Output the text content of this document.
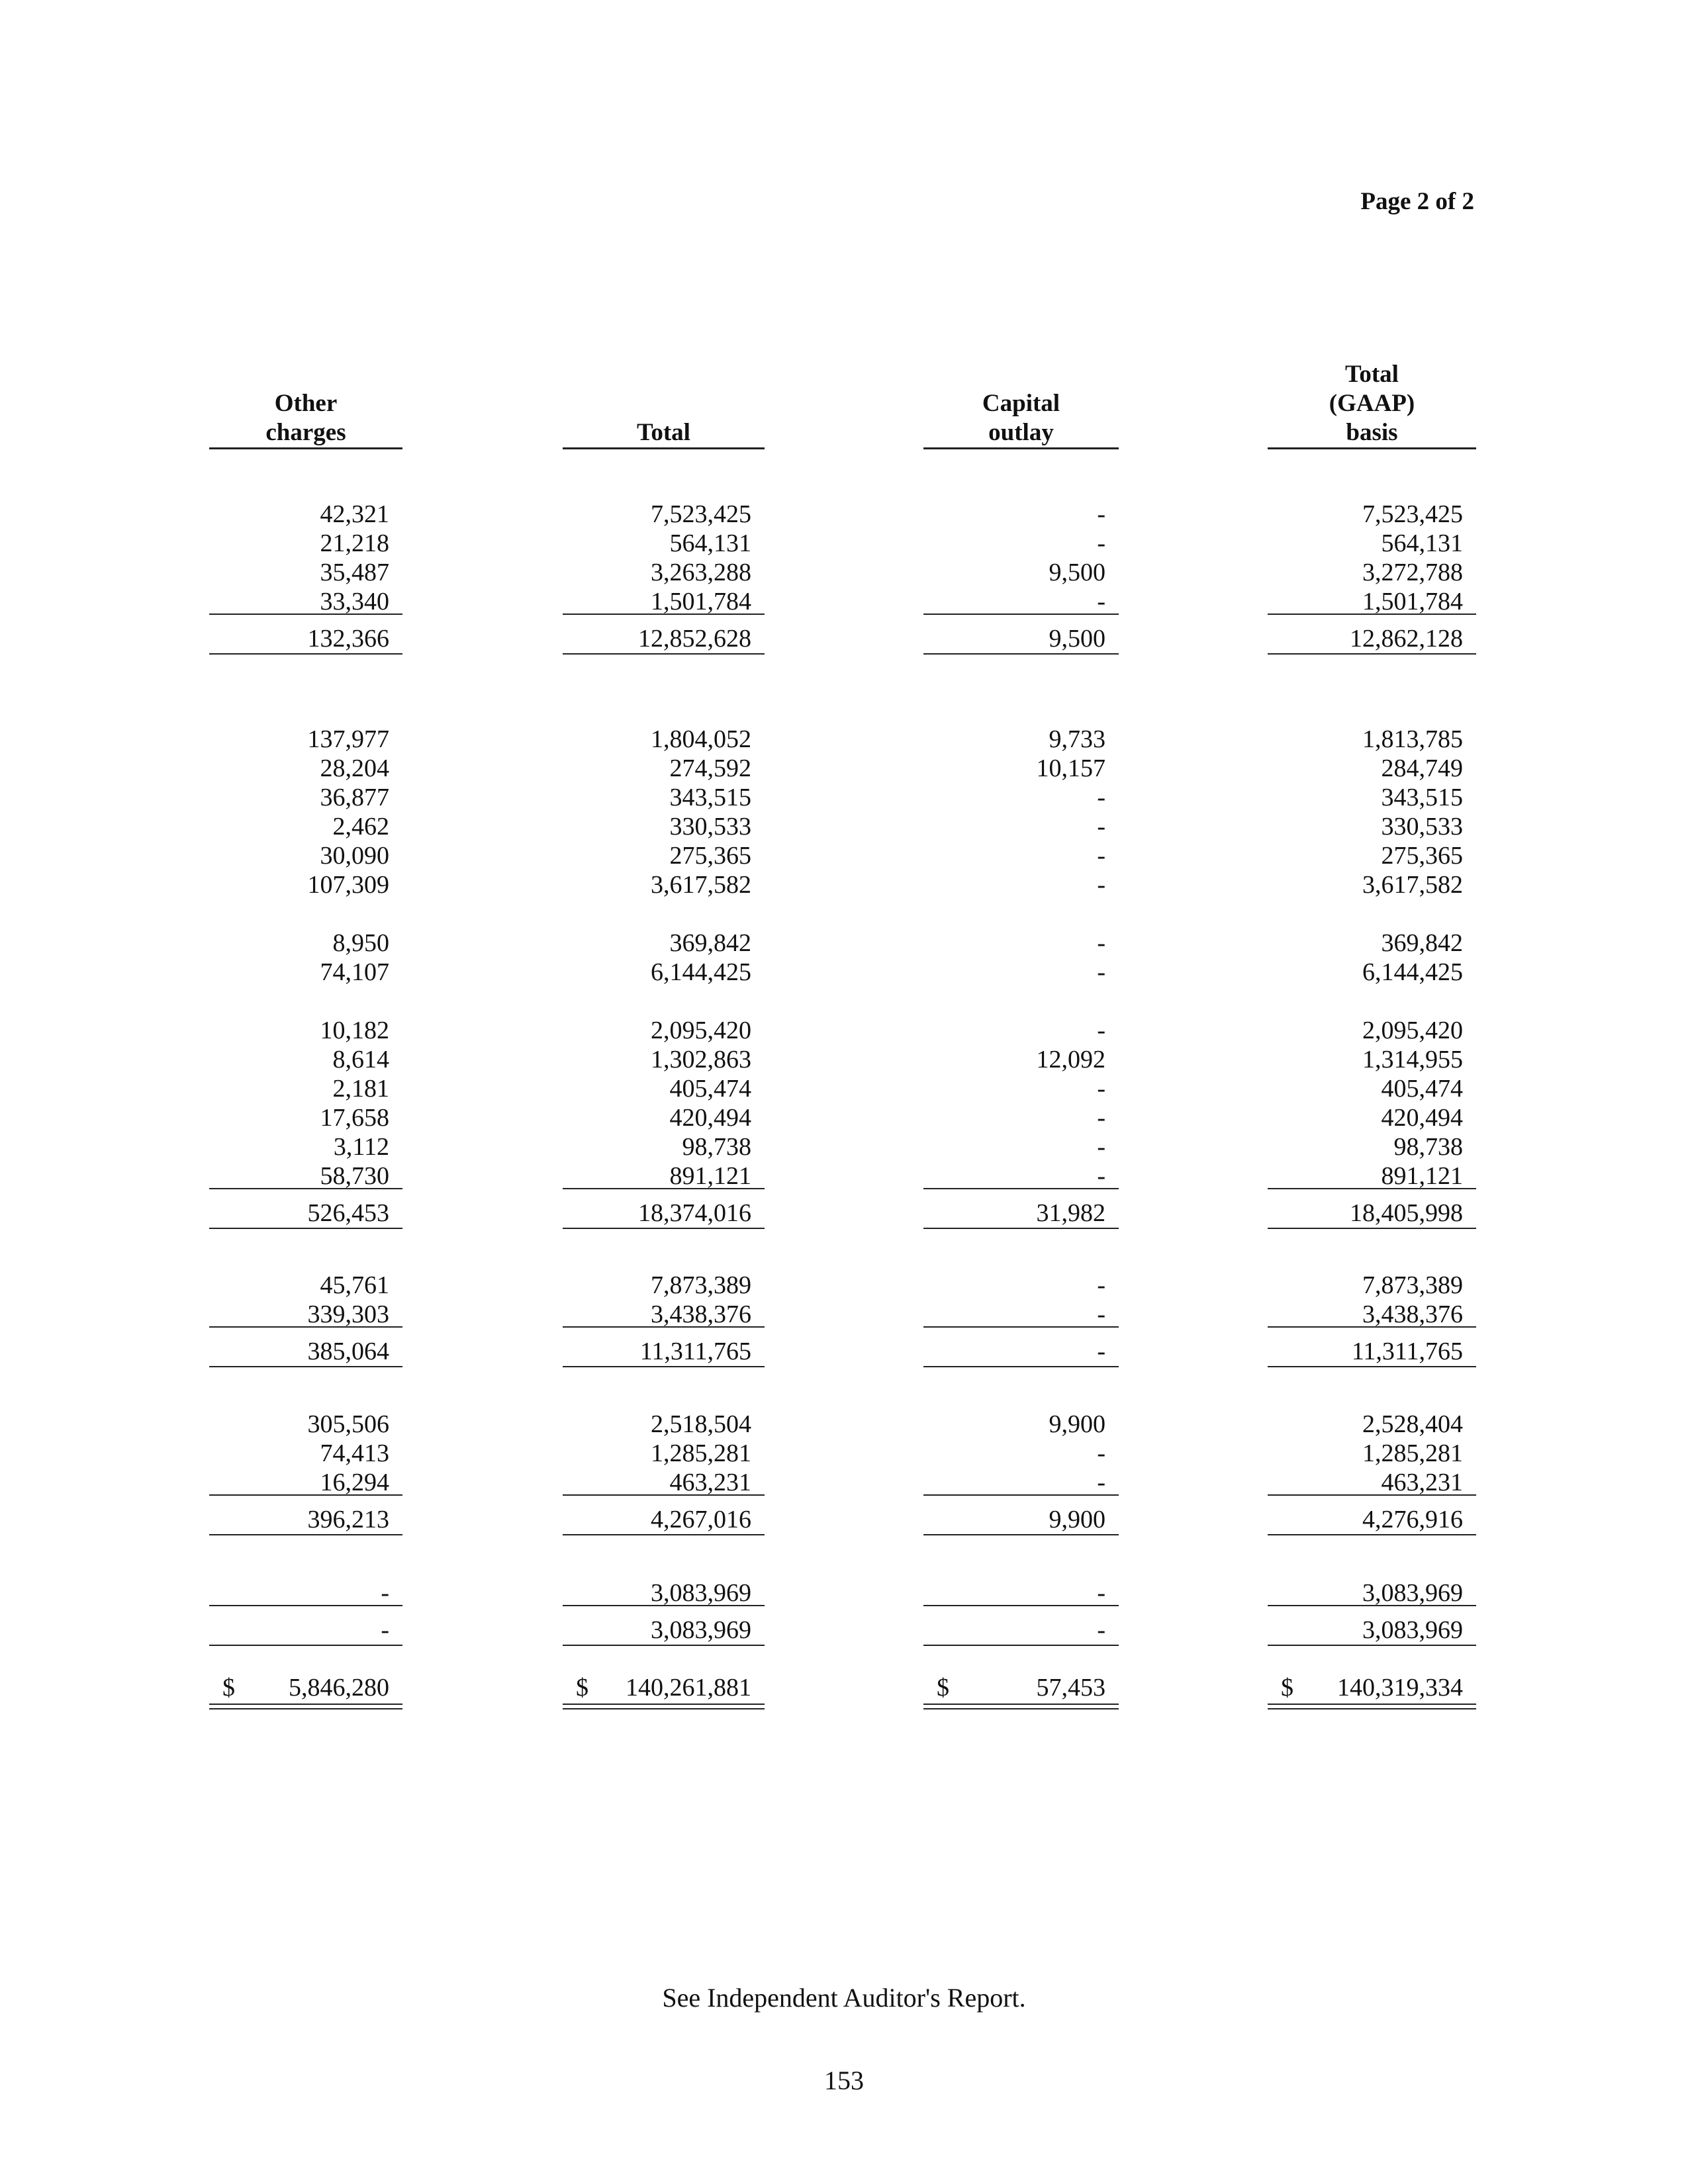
Page 2 of 2
Other
charges
42,321
21,218
35,487
33,340
132,366
137,977
28,204
36,877
2,462
30,090
107,309
8,950
74,107
10,182
8,614
2,181
17,658
3,112
58,730
526,453
45,761
339,303
385,064
305,506
74,413
16,294
396,213
-
-
$ 5,846,280
Total
7,523,425
564,131
3,263,288
1,501,784
12,852,628
1,804,052
274,592
343,515
330,533
275,365
3,617,582
369,842
6,144,425
2,095,420
1,302,863
405,474
420,494
98,738
891,121
18,374,016
7,873,389
3,438,376
11,311,765
2,518,504
1,285,281
463,231
4,267,016
3,083,969
3,083,969
$ 140,261,881
Capital
outlay
-
-
9,500
-
9,500
9,733
10,157
-
-
-
-
-
-
-
12,092
-
-
-
-
31,982
-
-
-
9,900
-
-
9,900
-
-
$	57,453
Total
(GAAP)
basis
7,523,425
564,131
3,272,788
1,501,784
12,862,128
1,813,785
284,749
343,515
330,533
275,365
3,617,582
369,842
6,144,425
2,095,420
1,314,955
405,474
420,494
98,738
891,121
18,405,998
7,873,389
3,438,376
11,311,765
2,528,404
1,285,281
463,231
4,276,916
3,083,969
3,083,969
$ 140,319,334
See Independent Auditor's Report.
153
